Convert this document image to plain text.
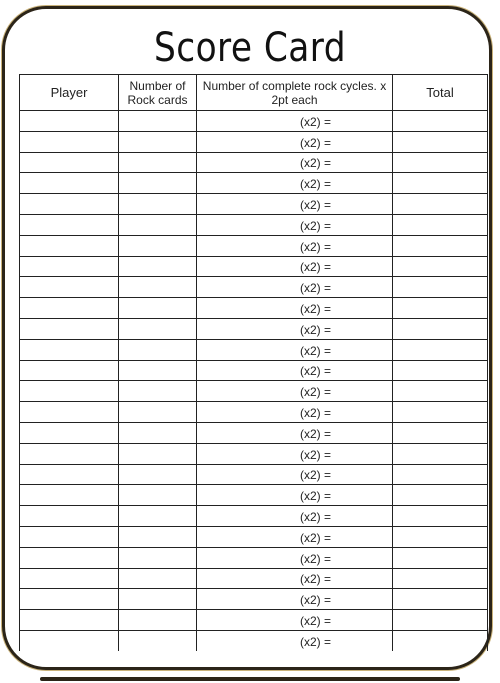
Score Card
Player	Number of Rock cards	Number of complete rock cycles. x 2pt each	Total
		(x2) =	
		(x2) =	
		(x2) =	
		(x2) =	
		(x2) =	
		(x2) =	
		(x2) =	
		(x2) =	
		(x2) =	
		(x2) =	
		(x2) =	
		(x2) =	
		(x2) =	
		(x2) =	
		(x2) =	
		(x2) =	
		(x2) =	
		(x2) =	
		(x2) =	
		(x2) =	
		(x2) =	
		(x2) =	
		(x2) =	
		(x2) =	
		(x2) =	
		(x2) =	
